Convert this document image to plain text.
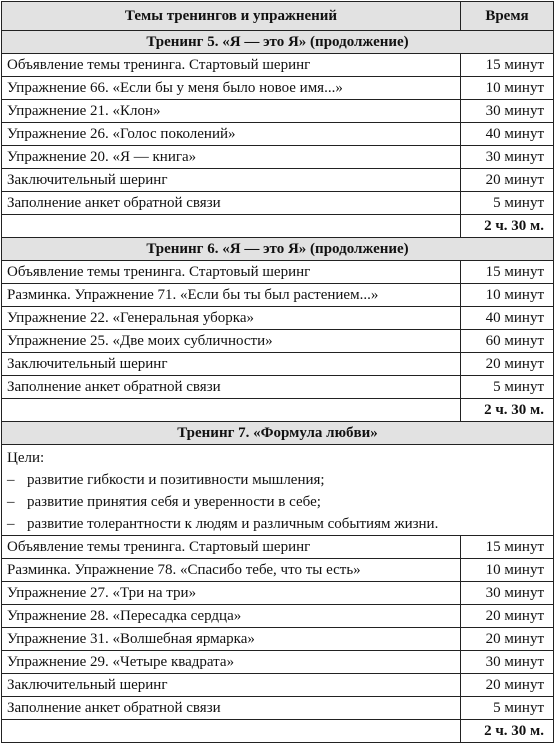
Темы тренингов и упражнений	Время
Тренинг 5. «Я — это Я» (продолжение)	
Объявление темы тренинга. Стартовый шеринг	15 минут
Упражнение 66. «Если бы у меня было новое имя...»	10 минут
Упражнение 21. «Клон»	30 минут
Упражнение 26. «Голос поколений»	40 минут
Упражнение 20. «Я — книга»	30 минут
Заключительный шеринг	20 минут
Заполнение анкет обратной связи	5 минут
	2 ч. 30 м.
Тренинг 6. «Я — это Я» (продолжение)	
Объявление темы тренинга. Стартовый шеринг	15 минут
Разминка. Упражнение 71. «Если бы ты был растением...»	10 минут
Упражнение 22. «Генеральная уборка»	40 минут
Упражнение 25. «Две моих субличности»	60 минут
Заключительный шеринг	20 минут
Заполнение анкет обратной связи	5 минут
	2 ч. 30 м.
Тренинг 7. «Формула любви»	

Цели:
– развитие гибкости и позитивности мышления;
– развитие принятия себя и уверенности в себе;
– развитие толерантности к людям и различным событиям жизни.	

Объявление темы тренинга. Стартовый шеринг	15 минут
Разминка. Упражнение 78. «Спасибо тебе, что ты есть»	10 минут
Упражнение 27. «Три на три»	30 минут
Упражнение 28. «Пересадка сердца»	20 минут
Упражнение 31. «Волшебная ярмарка»	20 минут
Упражнение 29. «Четыре квадрата»	30 минут
Заключительный шеринг	20 минут
Заполнение анкет обратной связи	5 минут
	2 ч. 30 м.
